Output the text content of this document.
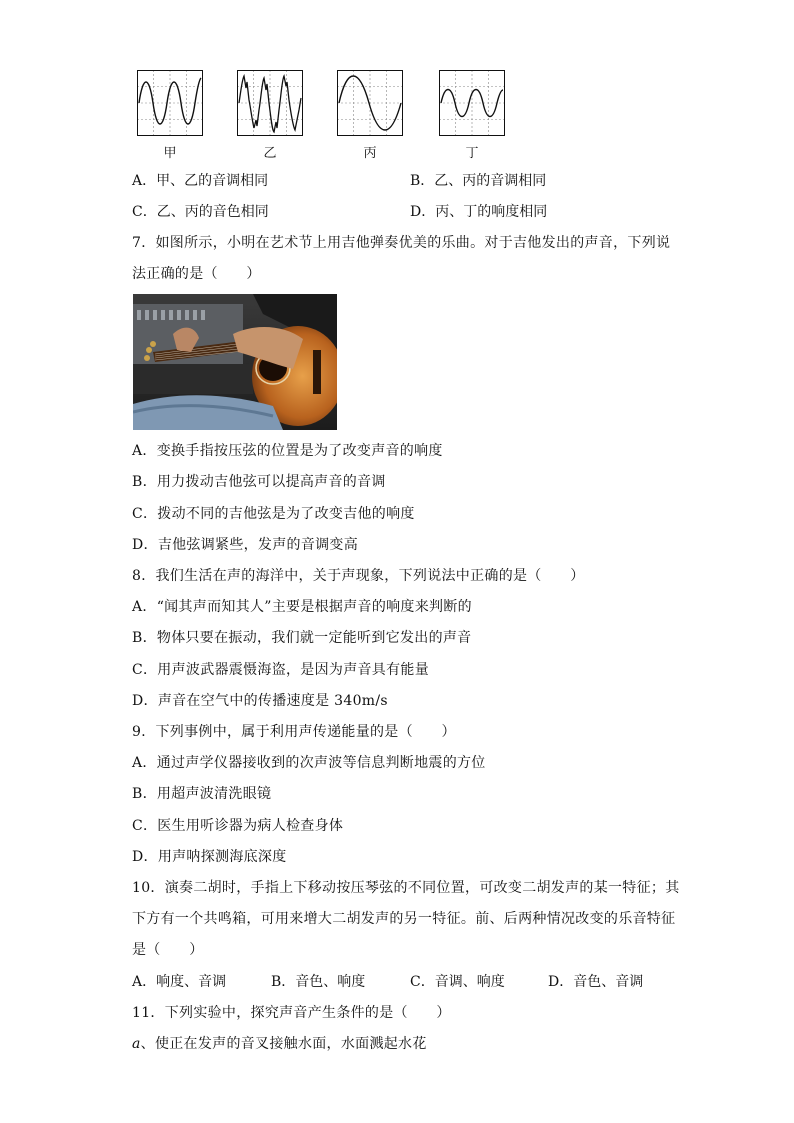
甲	乙	丙	丁
A．甲、乙的音调相同	B．乙、丙的音调相同
C．乙、丙的音色相同	D．丙、丁的响度相同
7．如图所示，小明在艺术节上用吉他弹奏优美的乐曲。对于吉他发出的声音，下列说
法正确的是（　　）
A．变换手指按压弦的位置是为了改变声音的响度
B．用力拨动吉他弦可以提高声音的音调
C．拨动不同的吉他弦是为了改变吉他的响度
D．吉他弦调紧些，发声的音调变高
8．我们生活在声的海洋中，关于声现象，下列说法中正确的是（　　）
A．“闻其声而知其人”主要是根据声音的响度来判断的
B．物体只要在振动，我们就一定能听到它发出的声音
C．用声波武器震慑海盗，是因为声音具有能量
D．声音在空气中的传播速度是 340m/s
9．下列事例中，属于利用声传递能量的是（　　）
A．通过声学仪器接收到的次声波等信息判断地震的方位
B．用超声波清洗眼镜
C．医生用听诊器为病人检查身体
D．用声呐探测海底深度
10．演奏二胡时，手指上下移动按压琴弦的不同位置，可改变二胡发声的某一特征；其
下方有一个共鸣箱，可用来增大二胡发声的另一特征。前、后两种情况改变的乐音特征
是（　　）
A．响度、音调	B．音色、响度	C．音调、响度	D．音色、音调
11．下列实验中，探究声音产生条件的是（　　）
a、使正在发声的音叉接触水面，水面溅起水花
